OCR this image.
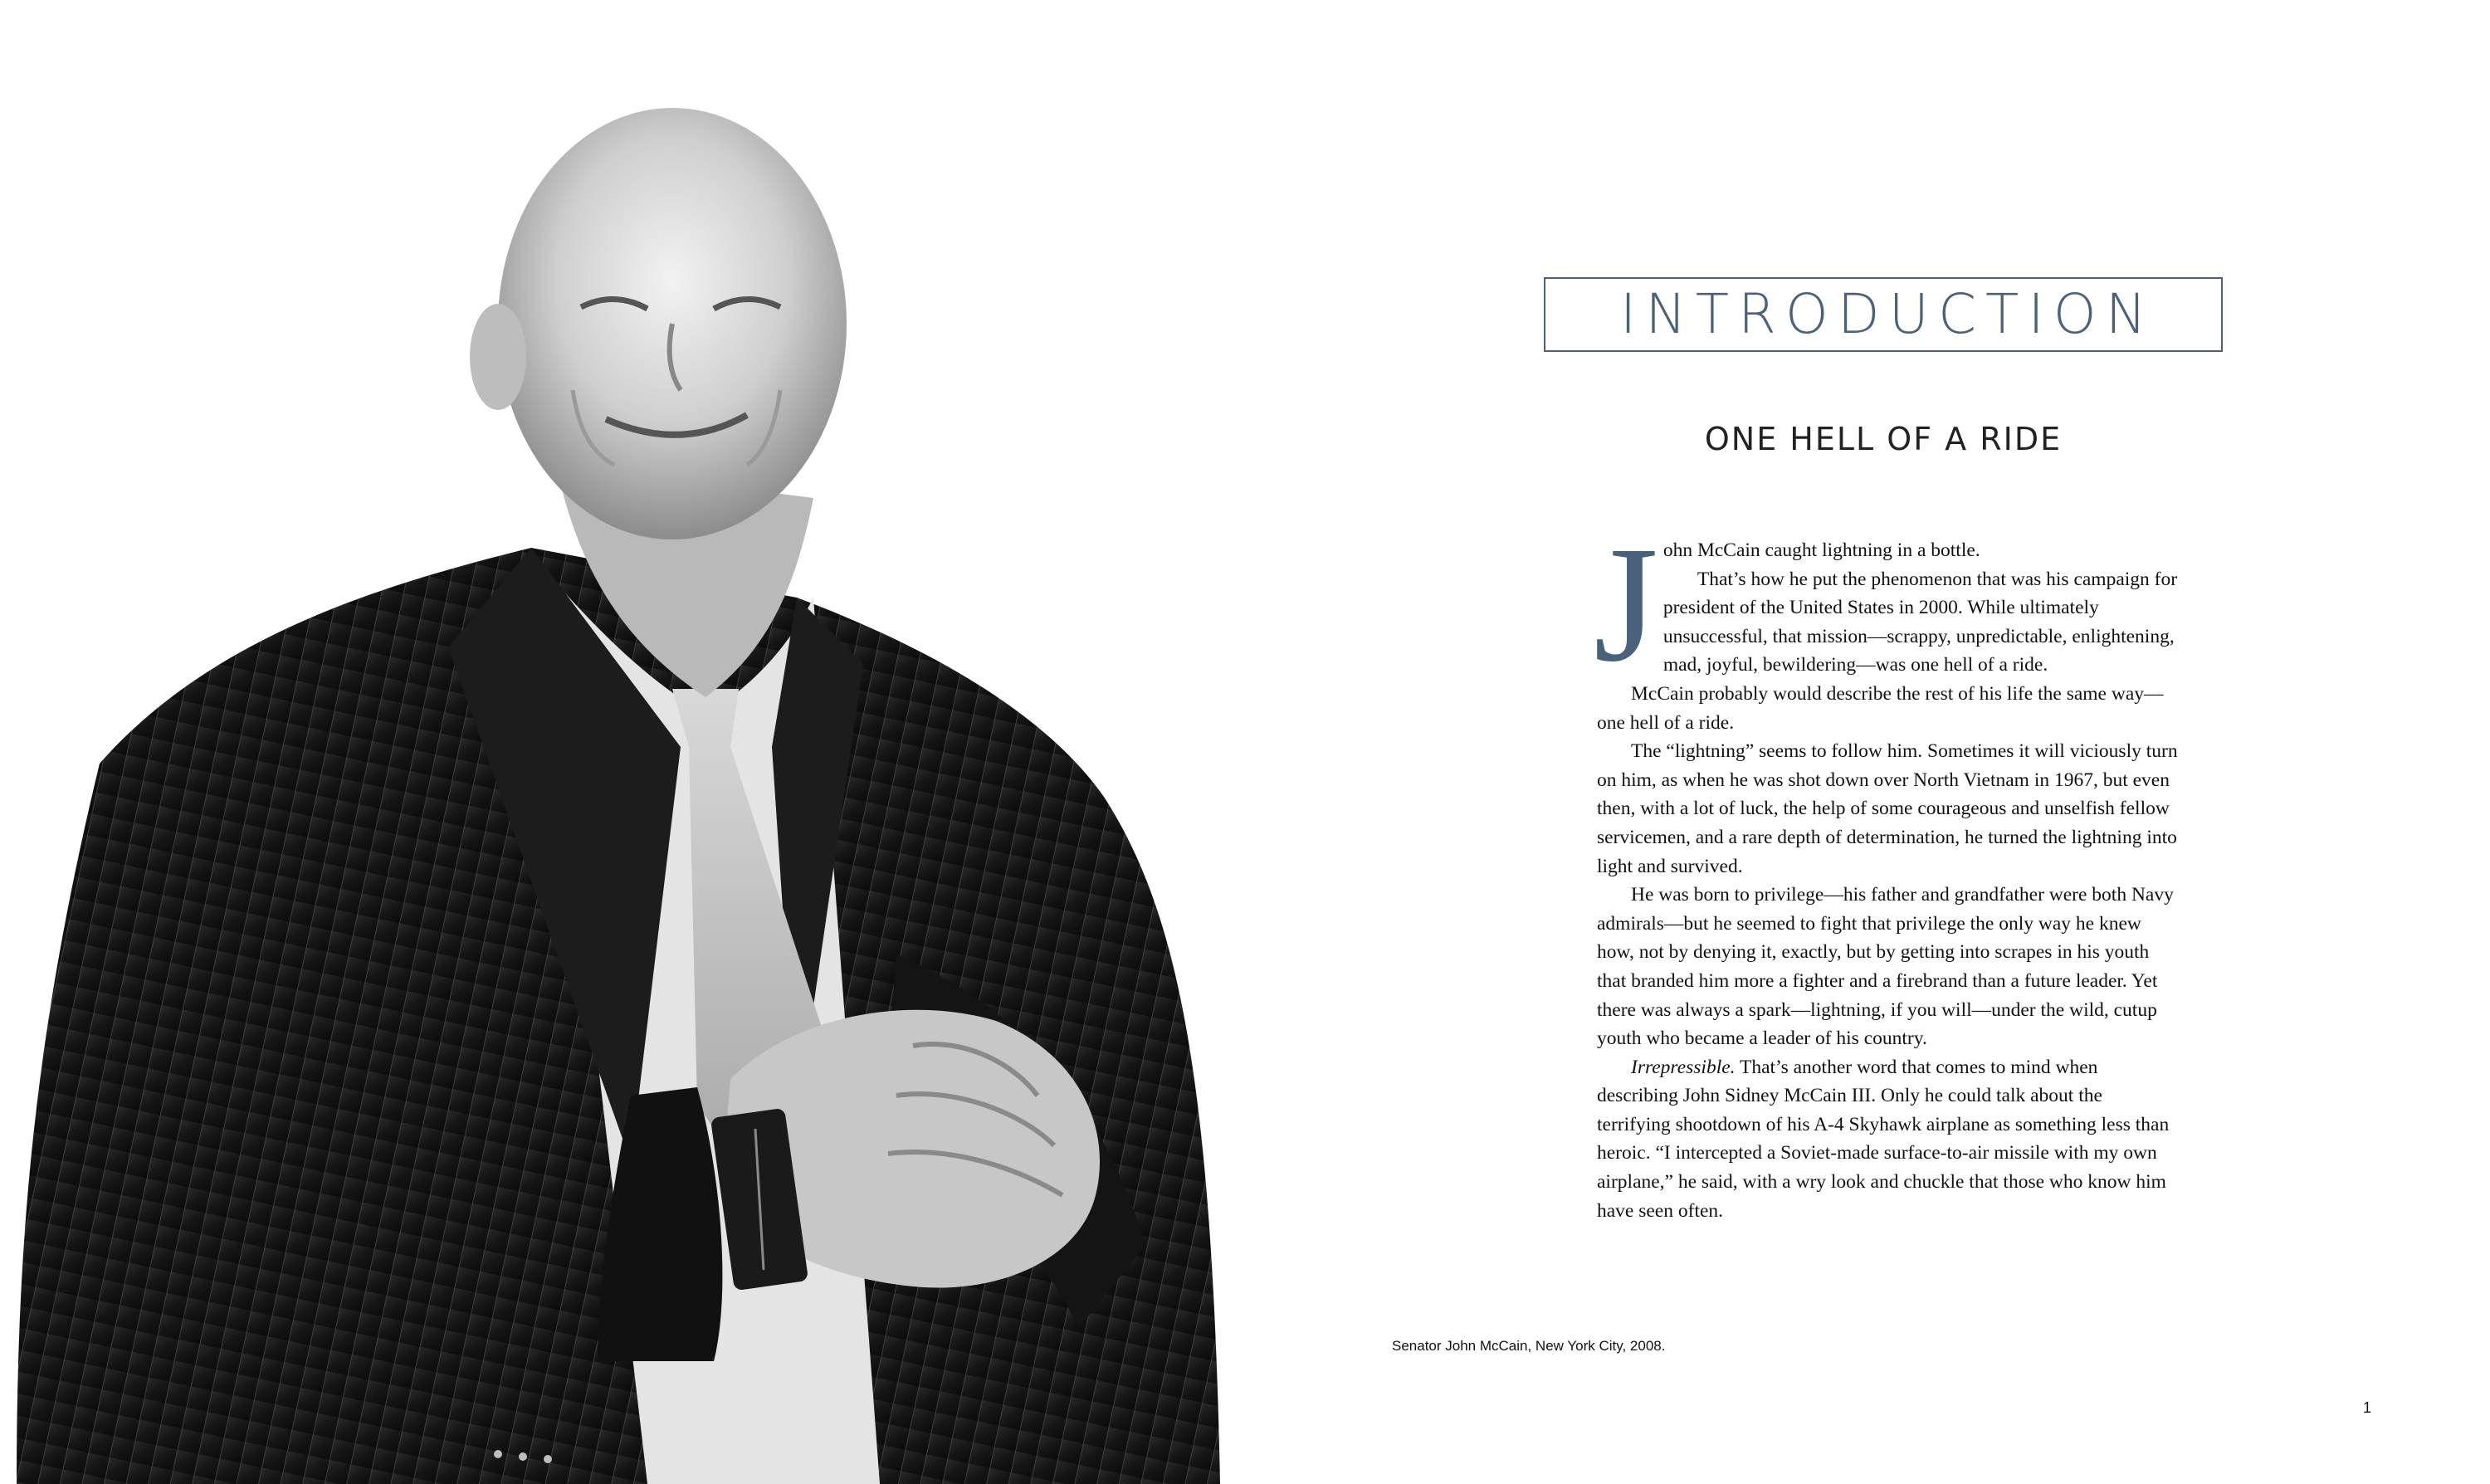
Senator John McCain, New York City, 2008.
INTRODUCTION
ONE HELL OF A RIDE

John McCain caught lightning in a bottle.
That’s how he put the phenomenon that was his campaign for president of the United States in 2000. While ultimately unsuccessful, that mission—scrappy, unpredictable, enlightening, mad, joyful, bewildering—was one hell of a ride.

McCain probably would describe the rest of his life the same way—one hell of a ride.

The “lightning” seems to follow him. Sometimes it will viciously turn on him, as when he was shot down over North Vietnam in 1967, but even then, with a lot of luck, the help of some courageous and unselfish fellow servicemen, and a rare depth of determination, he turned the lightning into light and survived.

He was born to privilege—his father and grandfather were both Navy admirals—but he seemed to fight that privilege the only way he knew how, not by denying it, exactly, but by getting into scrapes in his youth that branded him more a fighter and a firebrand than a future leader. Yet there was always a spark—lightning, if you will—under the wild, cutup youth who became a leader of his country.

Irrepressible. That’s another word that comes to mind when describing John Sidney McCain III. Only he could talk about the terrifying shootdown of his A-4 Skyhawk airplane as something less than heroic. “I intercepted a Soviet-made surface-to-air missile with my own airplane,” he said, with a wry look and chuckle that those who know him have seen often.

1
